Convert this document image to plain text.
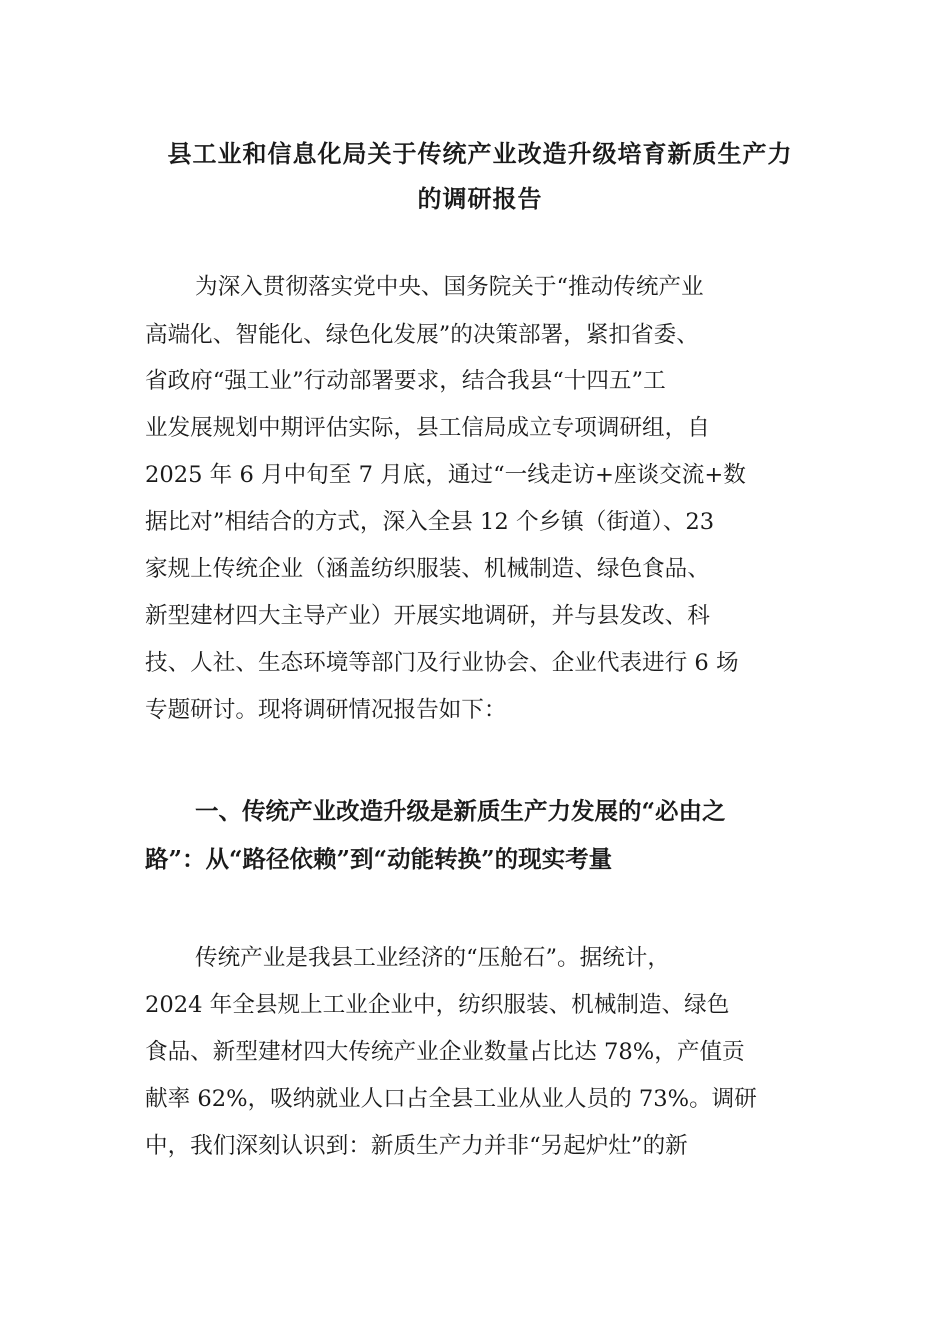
县工业和信息化局关于传统产业改造升级培育新质生产力
的调研报告

为深入贯彻落实党中央、国务院关于“推动传统产业

高端化、智能化、绿色化发展”的决策部署，紧扣省委、

省政府“强工业”行动部署要求，结合我县“十四五”工

业发展规划中期评估实际，县工信局成立专项调研组，自

2025 年 6 月中旬至 7 月底，通过“一线走访+座谈交流+数

据比对”相结合的方式，深入全县 12 个乡镇（街道）、23

家规上传统企业（涵盖纺织服装、机械制造、绿色食品、

新型建材四大主导产业）开展实地调研，并与县发改、科

技、人社、生态环境等部门及行业协会、企业代表进行 6 场

专题研讨。现将调研情况报告如下：

一、传统产业改造升级是新质生产力发展的“必由之
路”：从“路径依赖”到“动能转换”的现实考量

传统产业是我县工业经济的“压舱石”。据统计，

2024 年全县规上工业企业中，纺织服装、机械制造、绿色

食品、新型建材四大传统产业企业数量占比达 78%，产值贡

献率 62%，吸纳就业人口占全县工业从业人员的 73%。调研

中，我们深刻认识到：新质生产力并非“另起炉灶”的新
